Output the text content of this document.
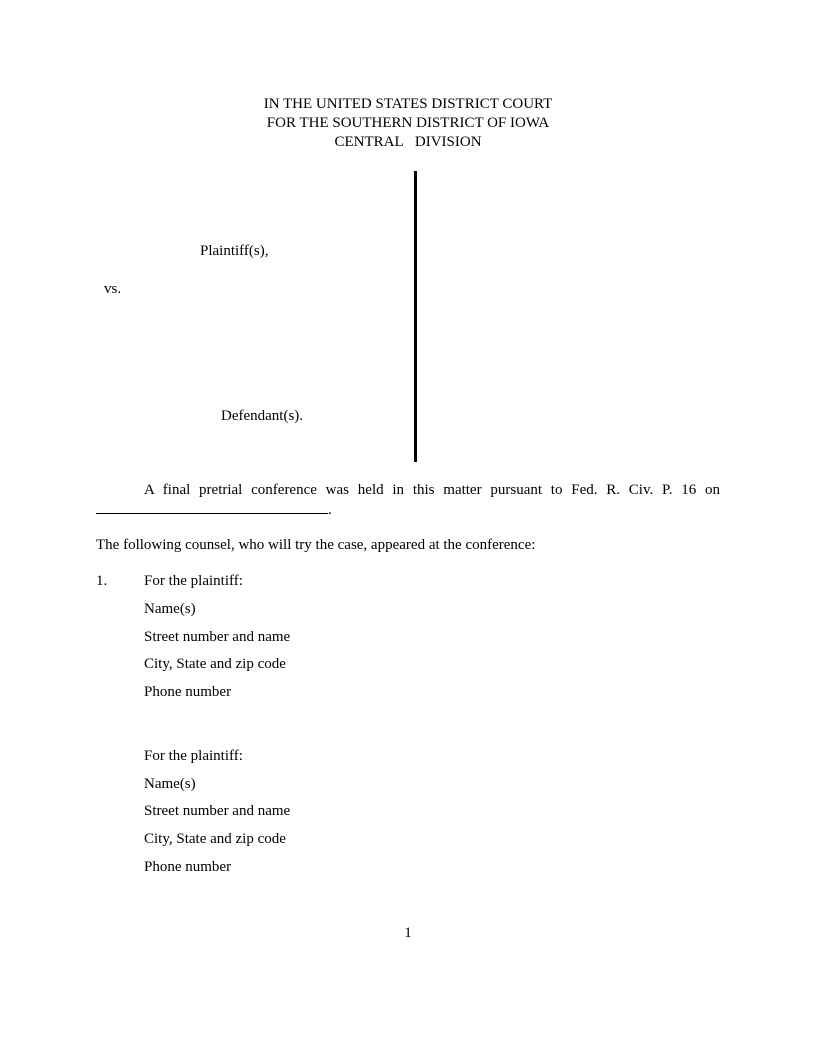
IN THE UNITED STATES DISTRICT COURT
FOR THE SOUTHERN DISTRICT OF IOWA
CENTRAL DIVISION
Plaintiff(s),
vs.
Defendant(s).
A final pretrial conference was held in this matter pursuant to Fed. R. Civ. P. 16 on
.
The following counsel, who will try the case, appeared at the conference:
1. For the plaintiff:
Name(s)
Street number and name
City, State and zip code
Phone number
For the plaintiff:
Name(s)
Street number and name
City, State and zip code
Phone number
1
